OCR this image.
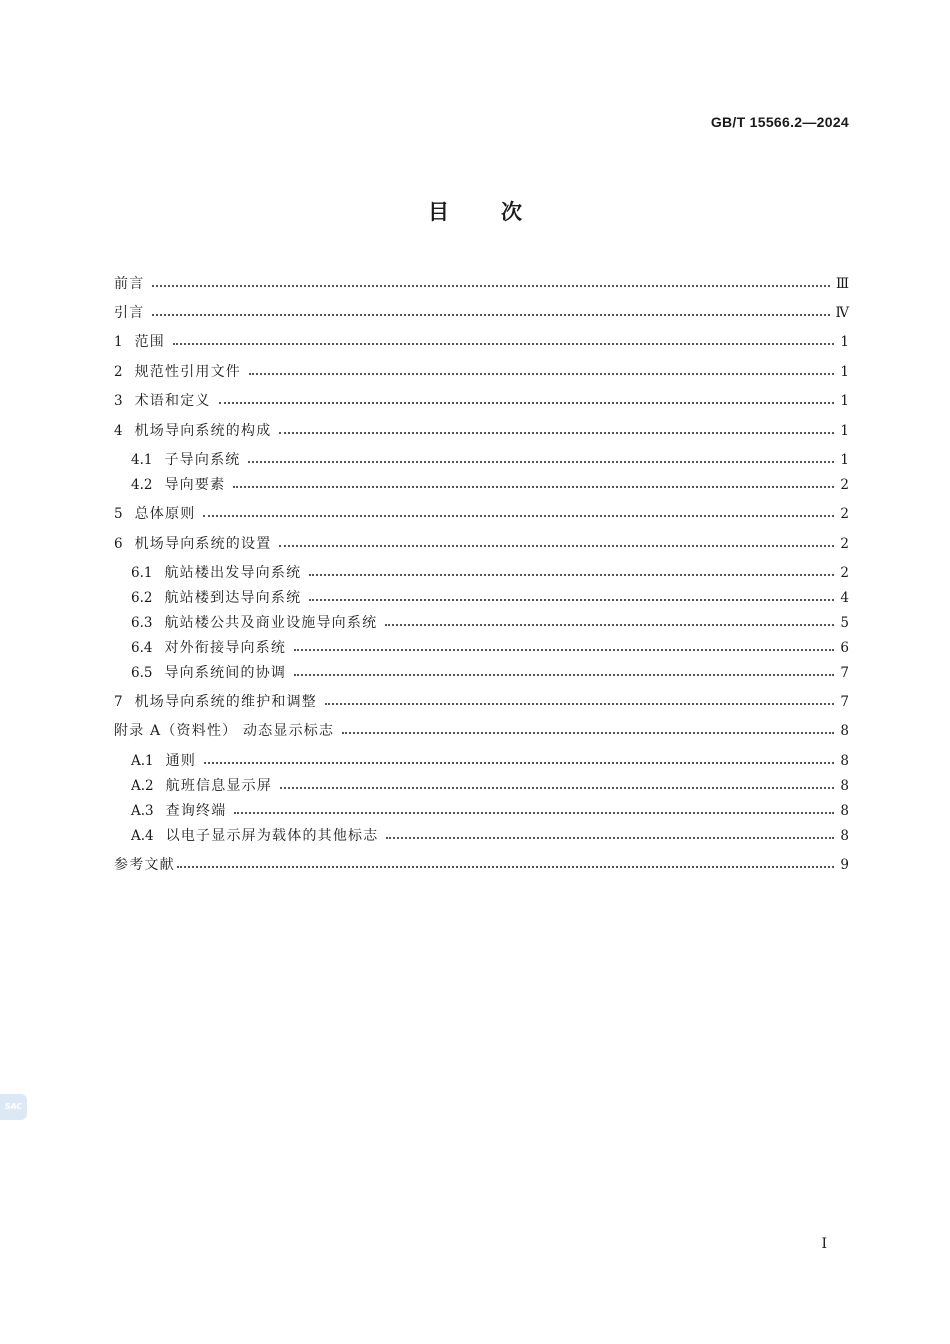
GB/T 15566.2—2024
目次
前言	Ⅲ
引言	Ⅳ
1 范围	1
2 规范性引用文件	1
3 术语和定义	1
4 机场导向系统的构成	1
4.1 子导向系统	1
4.2 导向要素	2
5 总体原则	2
6 机场导向系统的设置	2
6.1 航站楼出发导向系统	2
6.2 航站楼到达导向系统	4
6.3 航站楼公共及商业设施导向系统	5
6.4 对外衔接导向系统	6
6.5 导向系统间的协调	7
7 机场导向系统的维护和调整	7
附录 A（资料性） 动态显示标志	8
A.1 通则	8
A.2 航班信息显示屏	8
A.3 查询终端	8
A.4 以电子显示屏为载体的其他标志	8
参考文献	9
SAC
I
